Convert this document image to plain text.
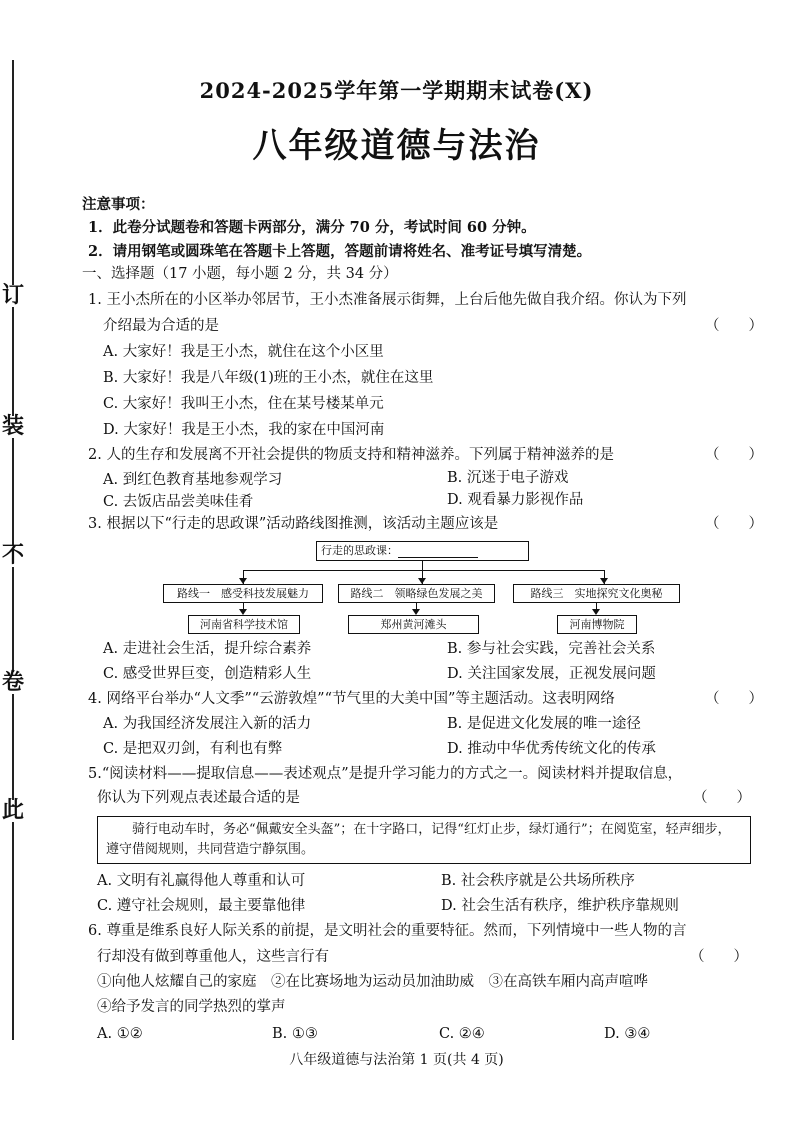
此
卷
不
装
订
2024-2025学年第一学期期末试卷(X)
八年级道德与法治
注意事项：
1．此卷分试题卷和答题卡两部分，满分 70 分，考试时间 60 分钟。
2．请用钢笔或圆珠笔在答题卡上答题，答题前请将姓名、准考证号填写清楚。
一、选择题（17 小题，每小题 2 分，共 34 分）
1. 王小杰所在的小区举办邻居节，王小杰准备展示街舞，上台后他先做自我介绍。你认为下列
介绍最为合适的是	（　　）
A. 大家好！我是王小杰，就住在这个小区里
B. 大家好！我是八年级(1)班的王小杰，就住在这里
C. 大家好！我叫王小杰，住在某号楼某单元
D. 大家好！我是王小杰，我的家在中国河南
2. 人的生存和发展离不开社会提供的物质支持和精神滋养。下列属于精神滋养的是	（　　）
A. 到红色教育基地参观学习	B. 沉迷于电子游戏
C. 去饭店品尝美味佳肴	D. 观看暴力影视作品
3. 根据以下“行走的思政课”活动路线图推测，该活动主题应该是	（　　）
行走的思政课：
路线一　感受科技发展魅力	路线二　领略绿色发展之美	路线三　实地探究文化奥秘
河南省科学技术馆	郑州黄河滩头	河南博物院
A. 走进社会生活，提升综合素养	B. 参与社会实践，完善社会关系
C. 感受世界巨变，创造精彩人生	D. 关注国家发展，正视发展问题
4. 网络平台举办“人文季”“云游敦煌”“节气里的大美中国”等主题活动。这表明网络	（　　）
A. 为我国经济发展注入新的活力	B. 是促进文化发展的唯一途径
C. 是把双刃剑，有利也有弊	D. 推动中华优秀传统文化的传承
5.“阅读材料——提取信息——表述观点”是提升学习能力的方式之一。阅读材料并提取信息，
你认为下列观点表述最合适的是	（　　）
骑行电动车时，务必“佩戴安全头盔”；在十字路口，记得“红灯止步，绿灯通行”；在阅览室，轻声细步，
遵守借阅规则，共同营造宁静氛围。
A. 文明有礼赢得他人尊重和认可	B. 社会秩序就是公共场所秩序
C. 遵守社会规则，最主要靠他律	D. 社会生活有秩序，维护秩序靠规则
6. 尊重是维系良好人际关系的前提，是文明社会的重要特征。然而，下列情境中一些人物的言
行却没有做到尊重他人，这些言行有	（　　）
①向他人炫耀自己的家庭　②在比赛场地为运动员加油助威　③在高铁车厢内高声喧哗
④给予发言的同学热烈的掌声
A. ①②	B. ①③	C. ②④	D. ③④
八年级道德与法治第 1 页(共 4 页)
